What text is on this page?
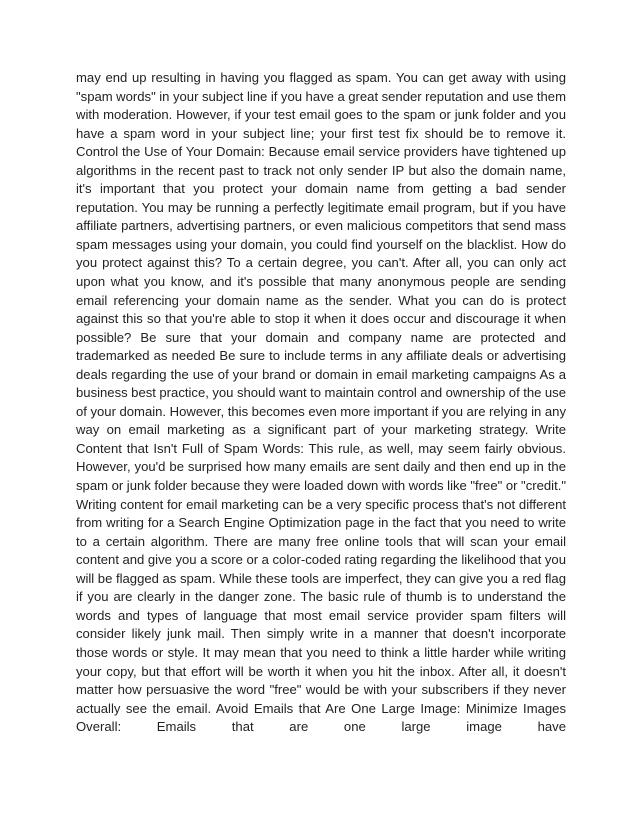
may end up resulting in having you flagged as spam. You can get away with using "spam words" in your subject line if you have a great sender reputation and use them with moderation. However, if your test email goes to the spam or junk folder and you have a spam word in your subject line; your first test fix should be to remove it. Control the Use of Your Domain: Because email service providers have tightened up algorithms in the recent past to track not only sender IP but also the domain name, it's important that you protect your domain name from getting a bad sender reputation. You may be running a perfectly legitimate email program, but if you have affiliate partners, advertising partners, or even malicious competitors that send mass spam messages using your domain, you could find yourself on the blacklist. How do you protect against this? To a certain degree, you can't. After all, you can only act upon what you know, and it's possible that many anonymous people are sending email referencing your domain name as the sender. What you can do is protect against this so that you're able to stop it when it does occur and discourage it when possible? Be sure that your domain and company name are protected and trademarked as needed Be sure to include terms in any affiliate deals or advertising deals regarding the use of your brand or domain in email marketing campaigns As a business best practice, you should want to maintain control and ownership of the use of your domain. However, this becomes even more important if you are relying in any way on email marketing as a significant part of your marketing strategy. Write Content that Isn't Full of Spam Words: This rule, as well, may seem fairly obvious. However, you'd be surprised how many emails are sent daily and then end up in the spam or junk folder because they were loaded down with words like "free" or "credit." Writing content for email marketing can be a very specific process that's not different from writing for a Search Engine Optimization page in the fact that you need to write to a certain algorithm. There are many free online tools that will scan your email content and give you a score or a color-coded rating regarding the likelihood that you will be flagged as spam. While these tools are imperfect, they can give you a red flag if you are clearly in the danger zone. The basic rule of thumb is to understand the words and types of language that most email service provider spam filters will consider likely junk mail. Then simply write in a manner that doesn't incorporate those words or style. It may mean that you need to think a little harder while writing your copy, but that effort will be worth it when you hit the inbox. After all, it doesn't matter how persuasive the word "free" would be with your subscribers if they never actually see the email. Avoid Emails that Are One Large Image: Minimize Images Overall: Emails that are one large image have
